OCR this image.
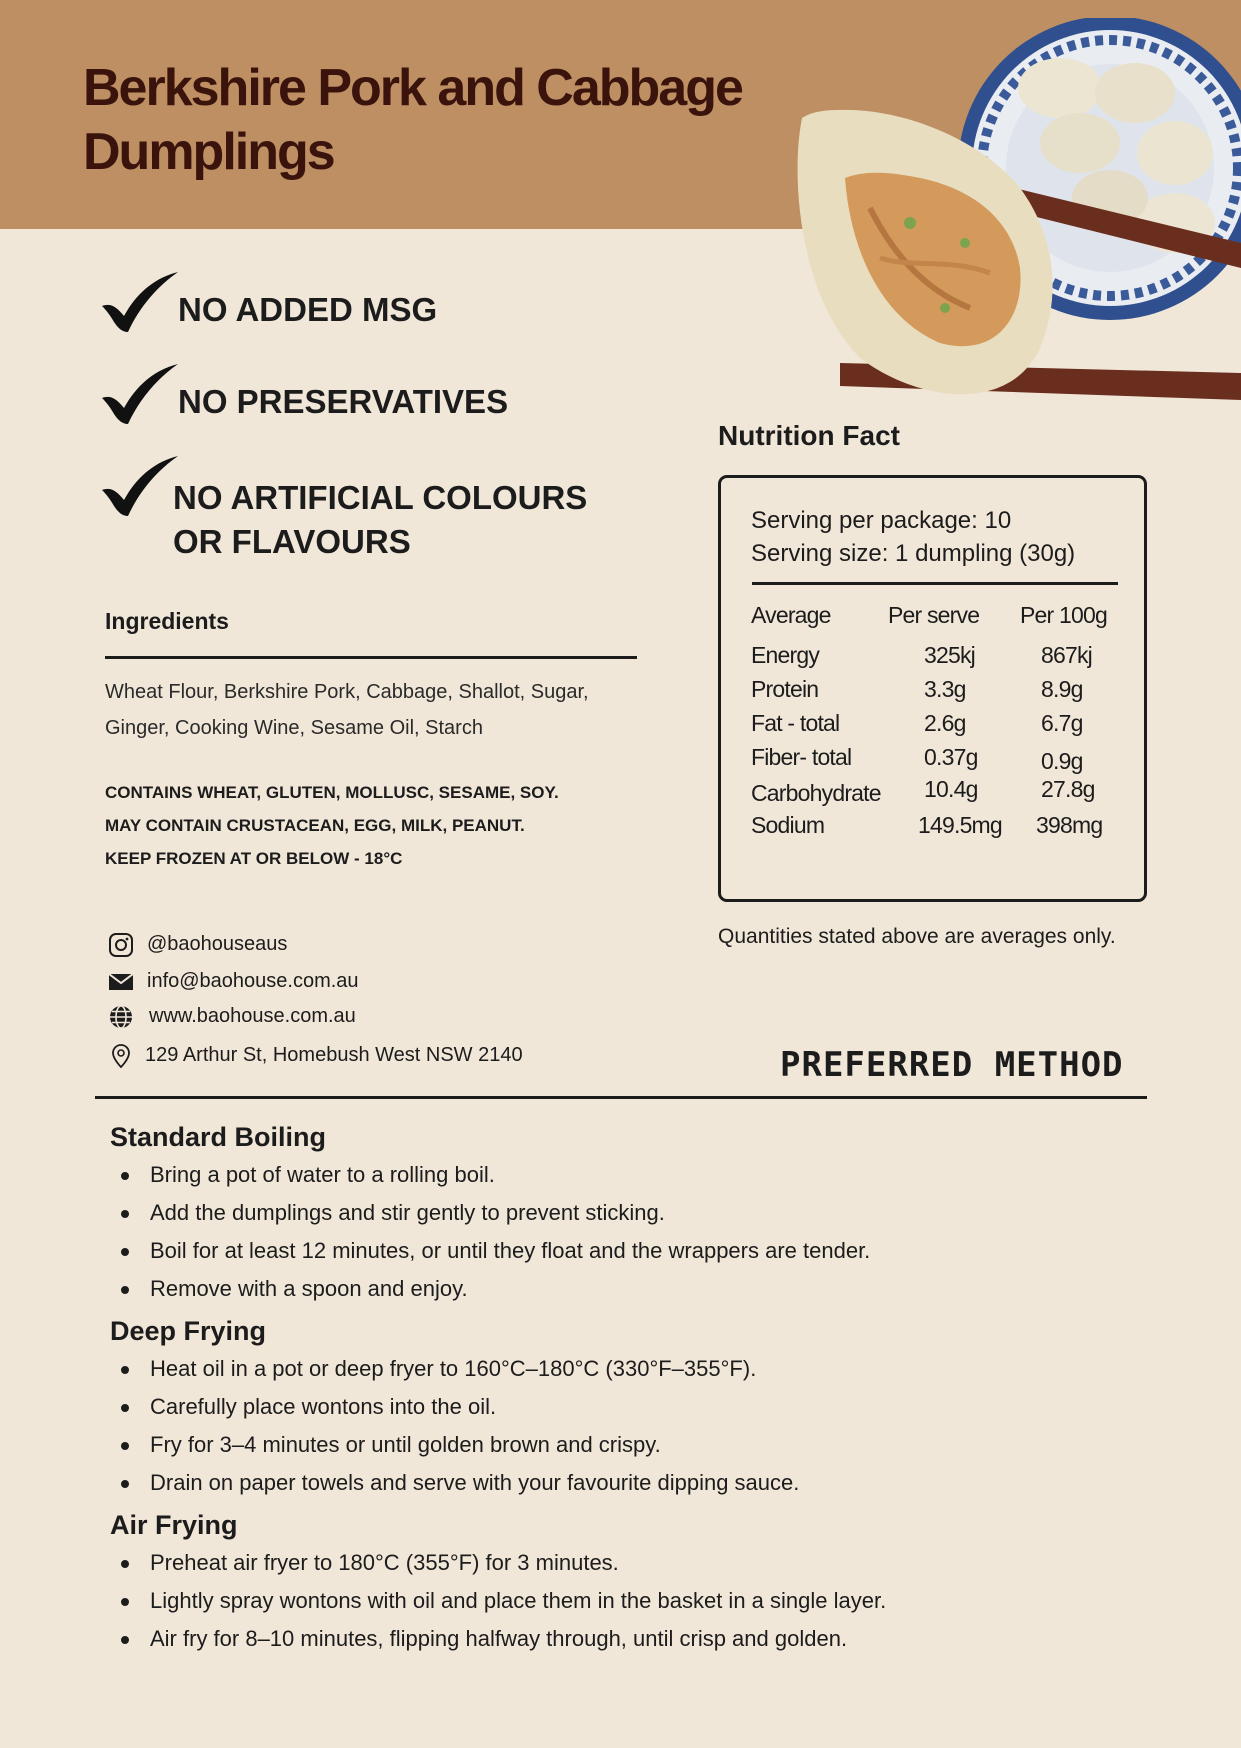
Berkshire Pork and Cabbage Dumplings
NO ADDED MSG
NO PRESERVATIVES
NO ARTIFICIAL COLOURS
OR FLAVOURS
Ingredients
Wheat Flour, Berkshire Pork, Cabbage, Shallot, Sugar, Ginger, Cooking Wine, Sesame Oil, Starch
CONTAINS WHEAT, GLUTEN, MOLLUSC, SESAME, SOY.
MAY CONTAIN CRUSTACEAN, EGG, MILK, PEANUT.
KEEP FROZEN AT OR BELOW - 18°C
@baohouseaus
info@baohouse.com.au
www.baohouse.com.au
129 Arthur St, Homebush West NSW 2140
Nutrition Fact
Serving per package: 10
Serving size: 1 dumpling (30g)
Average Per serve Per 100g
Energy	325kj	867kj
Protein	3.3g	8.9g
Fat - total	2.6g	6.7g
Fiber- total	0.37g	0.9g
Carbohydrate 10.4g	27.8g
Sodium	149.5mg 398mg
Quantities stated above are averages only.
PREFERRED METHOD
Standard Boiling
Bring a pot of water to a rolling boil.
Add the dumplings and stir gently to prevent sticking.
Boil for at least 12 minutes, or until they float and the wrappers are tender.
Remove with a spoon and enjoy.
Deep Frying
Heat oil in a pot or deep fryer to 160°C–180°C (330°F–355°F).
Carefully place wontons into the oil.
Fry for 3–4 minutes or until golden brown and crispy.
Drain on paper towels and serve with your favourite dipping sauce.
Air Frying
Preheat air fryer to 180°C (355°F) for 3 minutes.
Lightly spray wontons with oil and place them in the basket in a single layer.
Air fry for 8–10 minutes, flipping halfway through, until crisp and golden.
